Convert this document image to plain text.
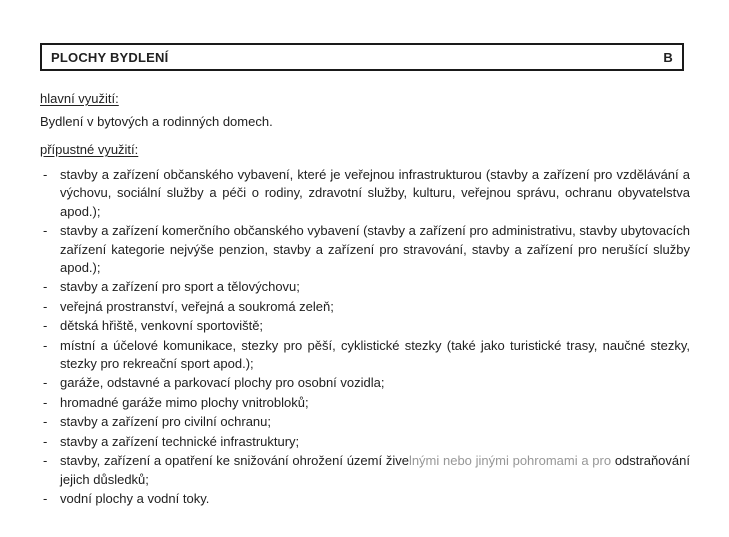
PLOCHY BYDLENÍ	B
hlavní využití:

Bydlení v bytových a rodinných domech.

přípustné využití:
- stavby a zařízení občanského vybavení, které je veřejnou infrastrukturou (stavby a zařízení pro vzdělávání a výchovu, sociální služby a péči o rodiny, zdravotní služby, kulturu, veřejnou správu, ochranu obyvatelstva apod.);
- stavby a zařízení komerčního občanského vybavení (stavby a zařízení pro administrativu, stavby ubytovacích zařízení kategorie nejvýše penzion, stavby a zařízení pro stravování, stavby a zařízení pro nerušící služby apod.);
- stavby a zařízení pro sport a tělovýchovu;
- veřejná prostranství, veřejná a soukromá zeleň;
- dětská hřiště, venkovní sportoviště;
- místní a účelové komunikace, stezky pro pěší, cyklistické stezky (také jako turistické trasy, naučné stezky, stezky pro rekreační sport apod.);
- garáže, odstavné a parkovací plochy pro osobní vozidla;
- hromadné garáže mimo plochy vnitrobloků;
- stavby a zařízení pro civilní ochranu;
- stavby a zařízení technické infrastruktury;
- stavby, zařízení a opatření ke snižování ohrožení území živelnými nebo jinými pohromami a pro odstraňování jejich důsledků;
- vodní plochy a vodní toky.
